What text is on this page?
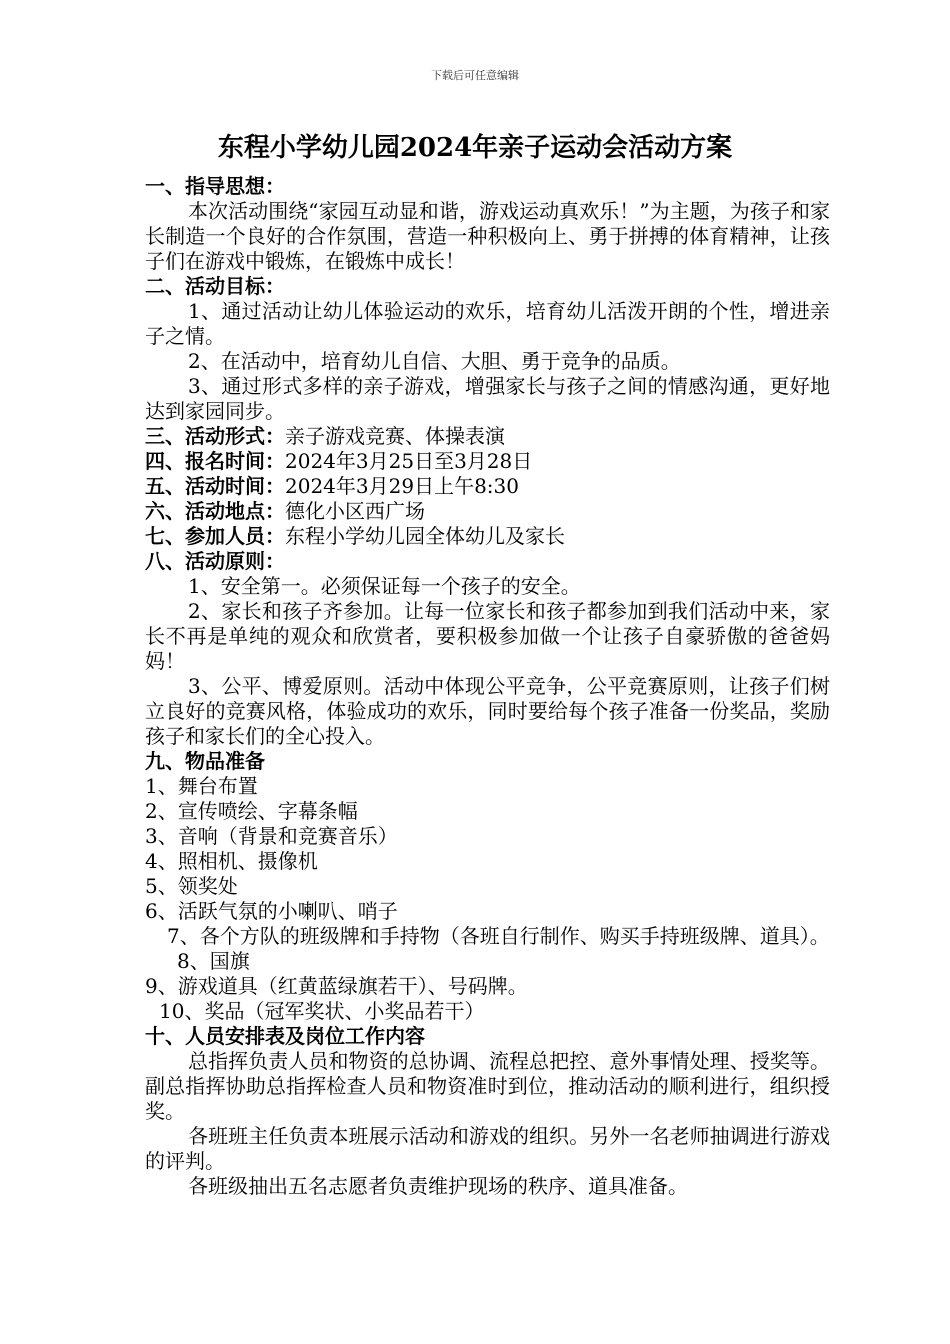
下载后可任意编辑
东程小学幼儿园2024年亲子运动会活动方案

一、指导思想：

本次活动围绕“家园互动显和谐，游戏运动真欢乐！”为主题，为孩子和家长制造一个良好的合作氛围，营造一种积极向上、勇于拼搏的体育精神，让孩子们在游戏中锻炼，在锻炼中成长！

二、活动目标：

1、通过活动让幼儿体验运动的欢乐，培育幼儿活泼开朗的个性，增进亲子之情。

2、在活动中，培育幼儿自信、大胆、勇于竞争的品质。

3、通过形式多样的亲子游戏，增强家长与孩子之间的情感沟通，更好地达到家园同步。

三、活动形式：亲子游戏竞赛、体操表演

四、报名时间：2024年3月25日至3月28日

五、活动时间：2024年3月29日上午8:30

六、活动地点：德化小区西广场

七、参加人员：东程小学幼儿园全体幼儿及家长

八、活动原则：

1、安全第一。必须保证每一个孩子的安全。

2、家长和孩子齐参加。让每一位家长和孩子都参加到我们活动中来，家长不再是单纯的观众和欣赏者，要积极参加做一个让孩子自豪骄傲的爸爸妈妈！

3、公平、博爱原则。活动中体现公平竞争，公平竞赛原则，让孩子们树立良好的竞赛风格，体验成功的欢乐，同时要给每个孩子准备一份奖品，奖励孩子和家长们的全心投入。

九、物品准备

1、舞台布置

2、宣传喷绘、字幕条幅

3、音响（背景和竞赛音乐）

4、照相机、摄像机

5、领奖处

6、活跃气氛的小喇叭、哨子

7、各个方队的班级牌和手持物（各班自行制作、购买手持班级牌、道具）。

8、国旗

9、游戏道具（红黄蓝绿旗若干）、号码牌。

10、奖品（冠军奖状、小奖品若干）

十、人员安排表及岗位工作内容

总指挥负责人员和物资的总协调、流程总把控、意外事情处理、授奖等。副总指挥协助总指挥检查人员和物资准时到位，推动活动的顺利进行，组织授奖。

各班班主任负责本班展示活动和游戏的组织。另外一名老师抽调进行游戏的评判。

各班级抽出五名志愿者负责维护现场的秩序、道具准备。
